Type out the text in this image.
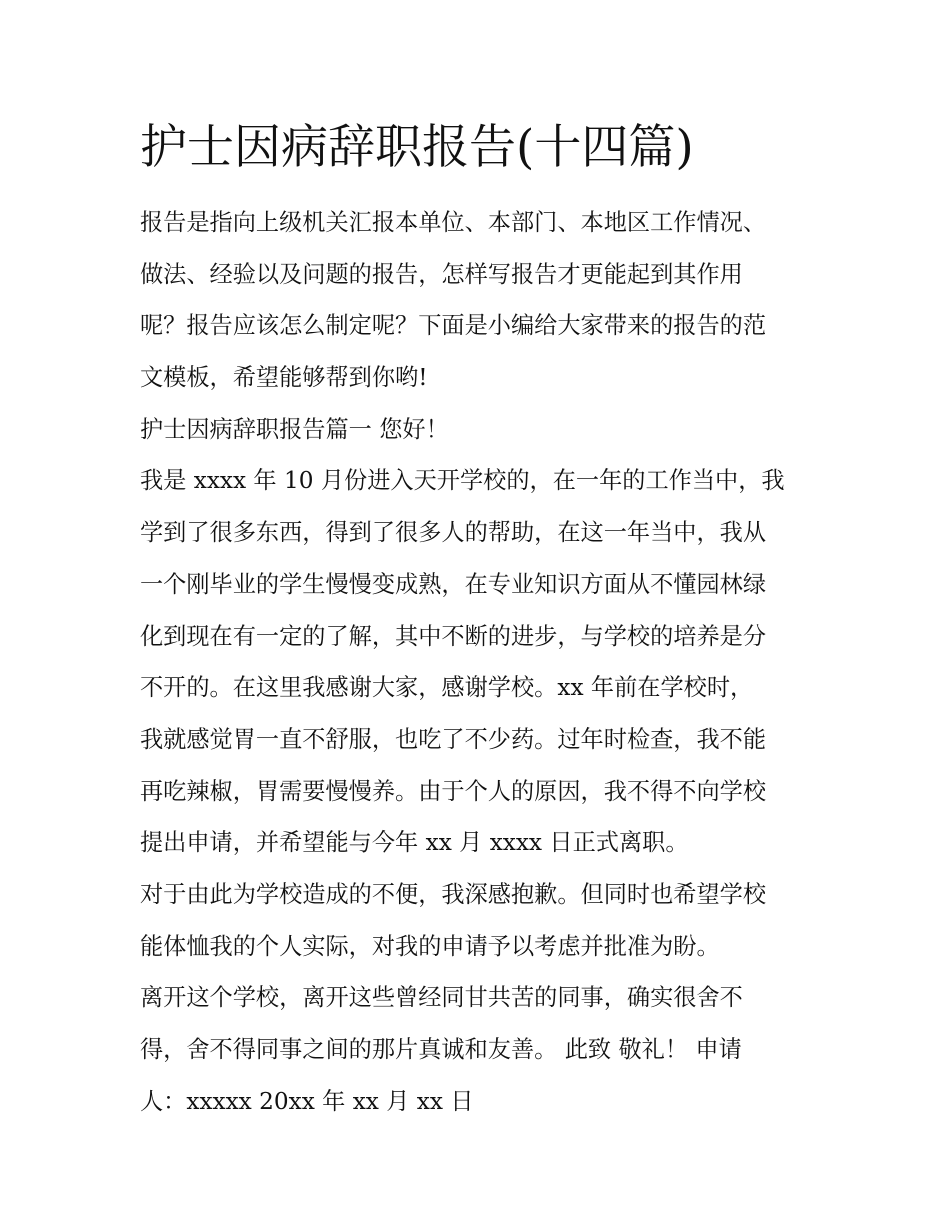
护士因病辞职报告(十四篇)

报告是指向上级机关汇报本单位、本部门、本地区工作情况、

做法、经验以及问题的报告，怎样写报告才更能起到其作用

呢？报告应该怎么制定呢？下面是小编给大家带来的报告的范

文模板，希望能够帮到你哟!

护士因病辞职报告篇一 您好！

我是 xxxx 年 10 月份进入天开学校的，在一年的工作当中，我

学到了很多东西，得到了很多人的帮助，在这一年当中，我从

一个刚毕业的学生慢慢变成熟，在专业知识方面从不懂园林绿

化到现在有一定的了解，其中不断的进步，与学校的培养是分

不开的。在这里我感谢大家，感谢学校。xx 年前在学校时，

我就感觉胃一直不舒服，也吃了不少药。过年时检查，我不能

再吃辣椒，胃需要慢慢养。由于个人的原因，我不得不向学校

提出申请，并希望能与今年 xx 月 xxxx 日正式离职。

对于由此为学校造成的不便，我深感抱歉。但同时也希望学校

能体恤我的个人实际，对我的申请予以考虑并批准为盼。

离开这个学校，离开这些曾经同甘共苦的同事，确实很舍不

得，舍不得同事之间的那片真诚和友善。 此致 敬礼！ 申请

人：xxxxx 20xx 年 xx 月 xx 日
